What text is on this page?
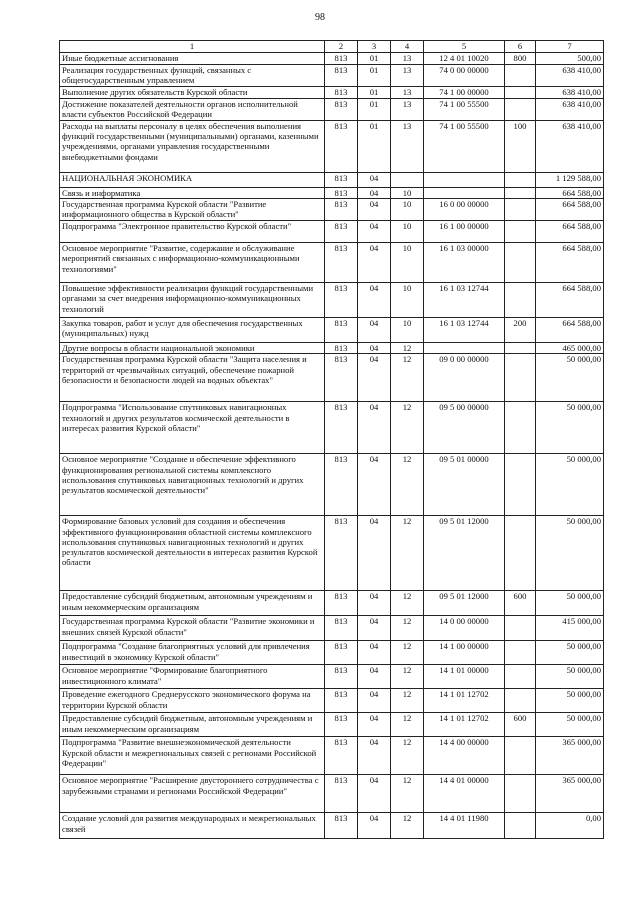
98
1	2	3	4	5	6	7
Иные бюджетные ассигнования	813	01	13	12 4 01 10020	800	500,00
Реализация государственных функций, связанных с общегосударственным управлением	813	01	13	74 0 00 00000		638 410,00
Выполнение других обязательств Курской области	813	01	13	74 1 00 00000		638 410,00
Достижение показателей деятельности органов исполнительной власти субъектов Российской Федерации	813	01	13	74 1 00 55500		638 410,00
Расходы на выплаты персоналу в целях обеспечения выполнения функций государственными (муниципальными) органами, казенными учреждениями, органами управления государственными внебюджетными фондами	813	01	13	74 1 00 55500	100	638 410,00
НАЦИОНАЛЬНАЯ ЭКОНОМИКА	813	04				1 129 588,00
Связь и информатика	813	04	10			664 588,00
Государственная программа Курской области "Развитие информационного общества в Курской области"	813	04	10	16 0 00 00000		664 588,00
Подпрограмма "Электронное правительство Курской области"	813	04	10	16 1 00 00000		664 588,00
Основное мероприятие "Развитие, содержание и обслуживание мероприятий связанных с информационно-коммуникационными технологиями"	813	04	10	16 1 03 00000		664 588,00
Повышение эффективности реализации функций государственными органами за счет внедрения информационно-коммуникационных технологий	813	04	10	16 1 03 12744		664 588,00
Закупка товаров, работ и услуг для обеспечения государственных (муниципальных) нужд	813	04	10	16 1 03 12744	200	664 588,00
Другие вопросы в области национальной экономики	813	04	12			465 000,00
Государственная программа Курской области "Защита населения и территорий от чрезвычайных ситуаций, обеспечение пожарной безопасности и безопасности людей на водных объектах"	813	04	12	09 0 00 00000		50 000,00
Подпрограмма "Использование спутниковых навигационных технологий и других результатов космической деятельности в интересах развития Курской области"	813	04	12	09 5 00 00000		50 000,00
Основное мероприятие "Создание и обеспечение эффективного функционирования региональной системы комплексного использования спутниковых навигационных технологий и других результатов космической деятельности"	813	04	12	09 5 01 00000		50 000,00
Формирование базовых условий для создания и обеспечения эффективного функционирования областной системы комплексного использования спутниковых навигационных технологий и других результатов космической деятельности в интересах развития Курской области	813	04	12	09 5 01 12000		50 000,00
Предоставление субсидий бюджетным, автономным учреждениям и иным некоммерческим организациям	813	04	12	09 5 01 12000	600	50 000,00
Государственная программа Курской области "Развитие экономики и внешних связей Курской области"	813	04	12	14 0 00 00000		415 000,00
Подпрограмма "Создание благоприятных условий для привлечения инвестиций в экономику Курской области"	813	04	12	14 1 00 00000		50 000,00
Основное мероприятие "Формирование благоприятного инвестиционного климата"	813	04	12	14 1 01 00000		50 000,00
Проведение ежегодного Среднерусского экономического форума на территории Курской области	813	04	12	14 1 01 12702		50 000,00
Предоставление субсидий бюджетным, автономным учреждениям и иным некоммерческим организациям	813	04	12	14 1 01 12702	600	50 000,00
Подпрограмма "Развитие внешнеэкономической деятельности Курской области и межрегиональных связей с регионами Российской Федерации"	813	04	12	14 4 00 00000		365 000,00
Основное мероприятие "Расширение двустороннего сотрудничества с зарубежными странами и регионами Российской Федерации"	813	04	12	14 4 01 00000		365 000,00
Создание условий для развития международных и межрегиональных связей	813	04	12	14 4 01 11980		0,00
